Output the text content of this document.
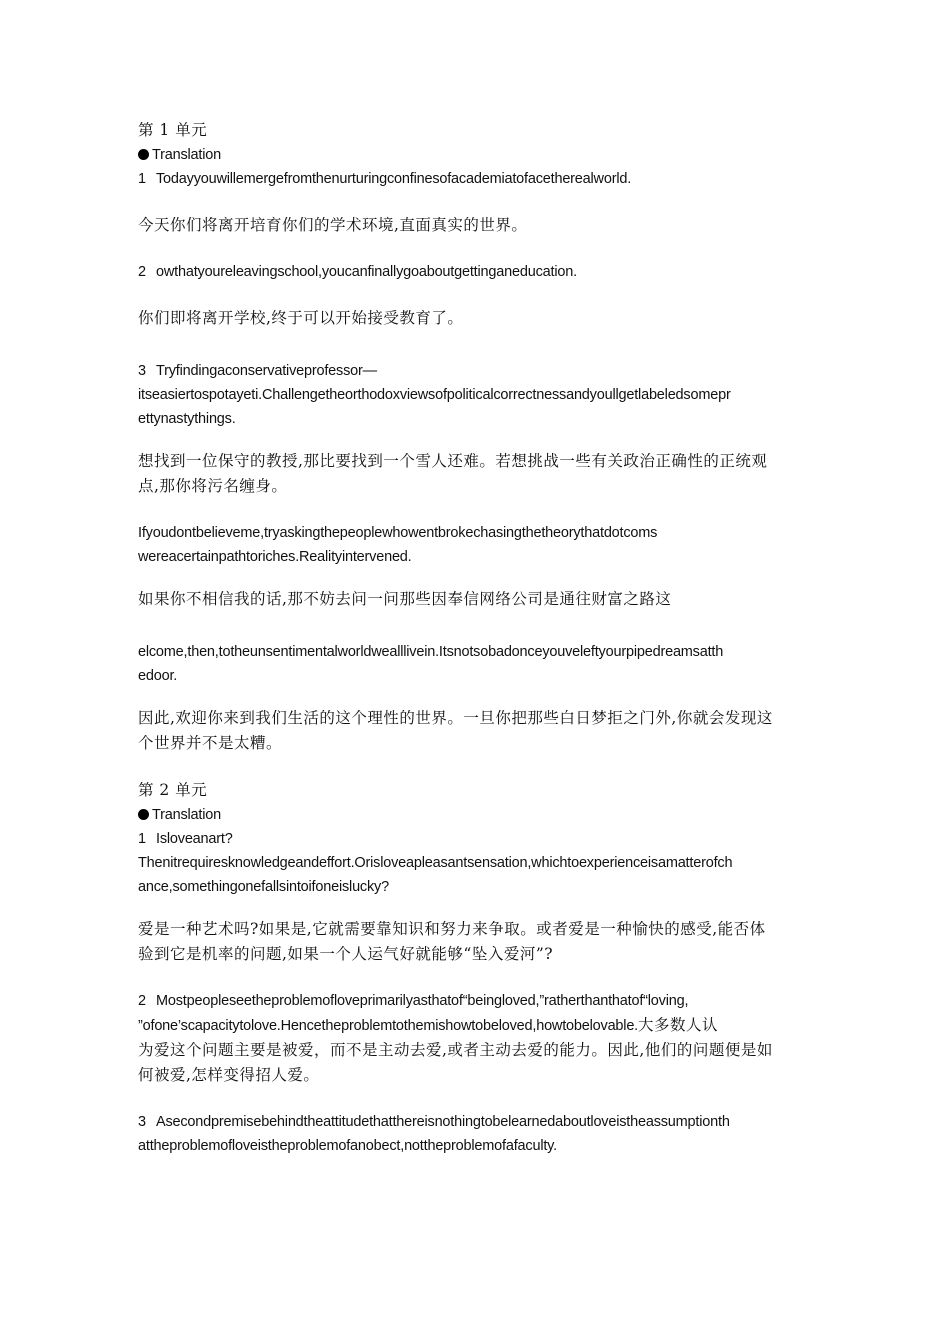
第 1 单元
Translation
1 Todayyouwillemergefromthenurturingconfinesofacademiatofacetherealworld.
今天你们将离开培育你们的学术环境,直面真实的世界。
2 owthatyoureleavingschool,youcanfinallygoaboutgettinganeducation.
你们即将离开学校,终于可以开始接受教育了。
3 Tryfindingaconservativeprofessor—
itseasiertospotayeti.Challengetheorthodoxviewsofpoliticalcorrectnessandyoullgetlabeledsomepr
ettynastythings.
想找到一位保守的教授,那比要找到一个雪人还难。若想挑战一些有关政治正确性的正统观
点,那你将污名缠身。
Ifyoudontbelieveme,tryaskingthepeoplewhowentbrokechasingthetheorythatdotcoms
wereacertainpathtoriches.Realityintervened.
如果你不相信我的话,那不妨去问一问那些因奉信网络公司是通往财富之路这
elcome,then,totheunsentimentalworldwealllivein.Itsnotsobadonceyouveleftyourpipedreamsatth
edoor.
因此,欢迎你来到我们生活的这个理性的世界。一旦你把那些白日梦拒之门外,你就会发现这
个世界并不是太糟。
第 2 单元
Translation
1 Isloveanart?
Thenitrequiresknowledgeandeffort.Orisloveapleasantsensation,whichtoexperienceisamatterofch
ance,somethingonefallsintoifoneislucky?
爱是一种艺术吗?如果是,它就需要靠知识和努力来争取。或者爱是一种愉快的感受,能否体
验到它是机率的问题,如果一个人运气好就能够“坠入爱河”?
2 Mostpeopleseetheproblemofloveprimarilyasthatof“beingloved,”ratherthanthatof“loving,
”ofone’scapacitytolove.Hencetheproblemtothemishowtobeloved,howtobelovable.大多数人认
为爱这个问题主要是被爱，而不是主动去爱,或者主动去爱的能力。因此,他们的问题便是如
何被爱,怎样变得招人爱。
3 Asecondpremisebehindtheattitudethatthereisnothingtobelearnedaboutloveistheassumptionth
attheproblemofloveistheproblemofanobect,nottheproblemofafaculty.
